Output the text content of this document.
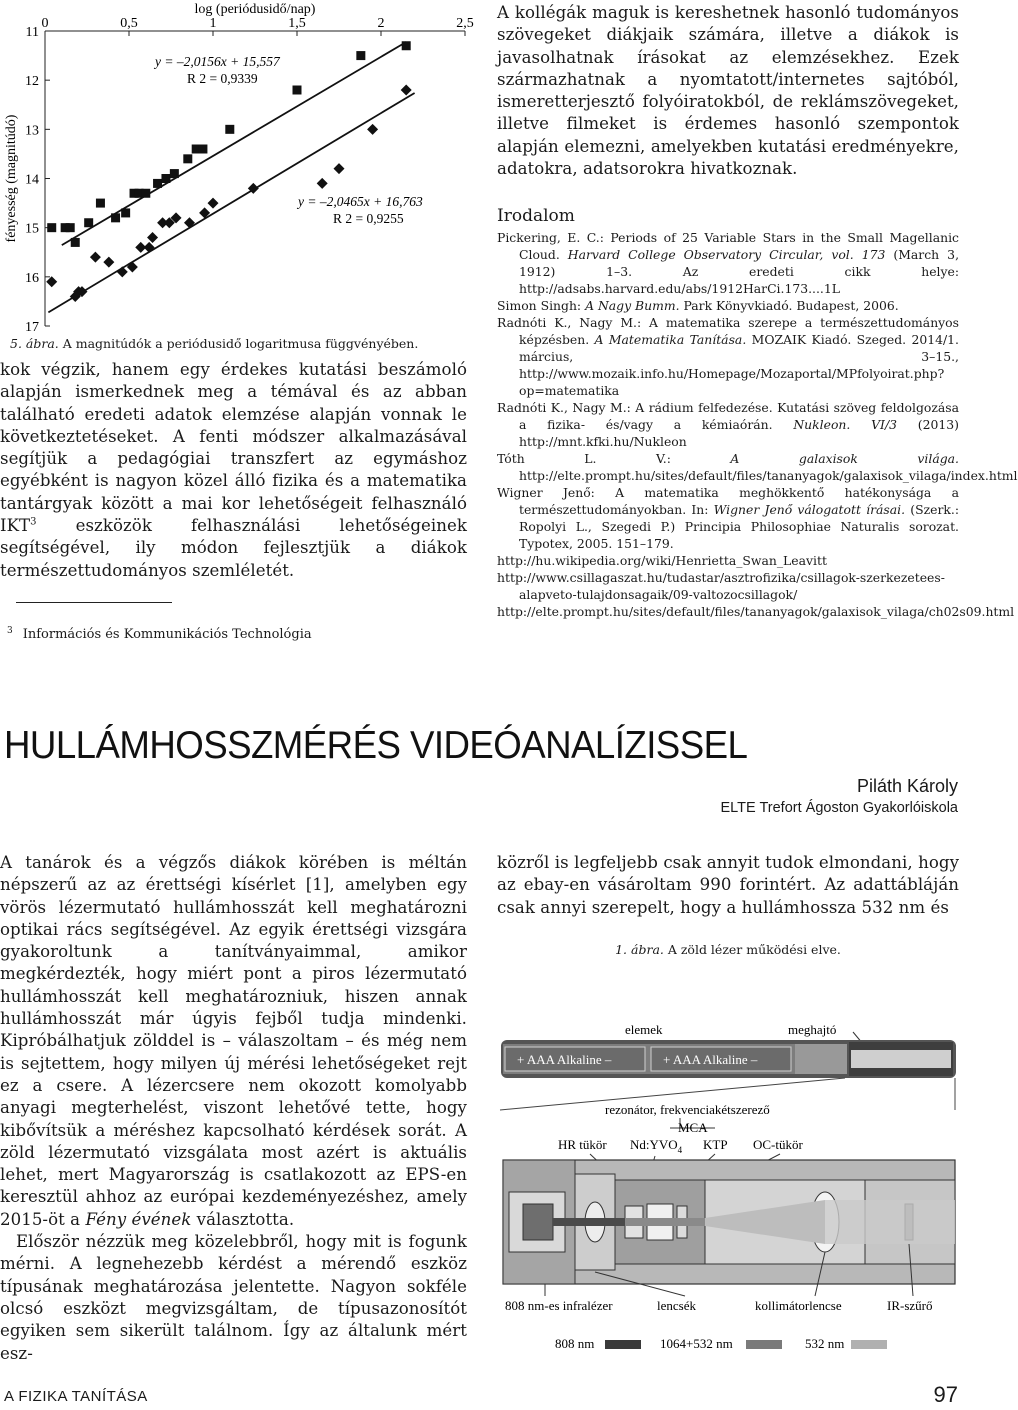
0	0,5	1	1,5	2	2,5
11
12
13
14
15
16
17
log (periódusidő/nap)
fényesség (magnitúdó)
y = –2,0156x + 15,557
R 2 = 0,9339
y = –2,0465x + 16,763
R 2 = 0,9255
5. ábra. A magnitúdók a periódusidő logaritmusa függvényében.

kok végzik, hanem egy érdekes kutatási beszámoló alapján ismerkednek meg a témával és az abban található eredeti adatok elemzése alapján vonnak le következtetéseket. A fenti módszer alkalmazásával segítjük a pedagógiai transzfert az egymáshoz egyébként is nagyon közel álló fizika és a matematika tantárgyak között a mai kor lehetőségeit felhasználó IKT$^3$ eszközök felhasználási lehetőségeinek segítségével, ily módon fejlesztjük a diákok természettudományos szemléletét.

$^3$ Információs és Kommunikációs Technológia

A kollégák maguk is kereshetnek hasonló tudományos szövegeket diákjaik számára, illetve a diákok is javasolhatnak írásokat az elemzésekhez. Ezek származhatnak a nyomtatott/internetes sajtóból, ismeretterjesztő folyóiratokból, de reklámszövegeket, illetve filmeket is érdemes hasonló szempontok alapján elemezni, amelyekben kutatási eredményekre, adatokra, adatsorokra hivatkoznak.

Irodalom

Pickering, E. C.: Periods of 25 Variable Stars in the Small Magellanic Cloud. Harvard College Observatory Circular, vol. 173 (March 3, 1912) 1–3. Az eredeti cikk helye: http://adsabs.harvard.edu/abs/1912HarCi.173....1L

Simon Singh: A Nagy Bumm. Park Könyvkiadó. Budapest, 2006.

Radnóti K., Nagy M.: A matematika szerepe a természettudományos képzésben. A Matematika Tanítása. MOZAIK Kiadó. Szeged. 2014/1. március, 3–15., http://www.mozaik.info.hu/Homepage/Mozaportal/MPfolyoirat.php?op=matematika

Radnóti K., Nagy M.: A rádium felfedezése. Kutatási szöveg feldolgozása a fizika- és/vagy a kémiaórán. Nukleon. VI/3 (2013) http://mnt.kfki.hu/Nukleon

Tóth L. V.:	A galaxisok világa. http://elte.prompt.hu/sites/default/files/tananyagok/galaxisok_vilaga/index.html

Wigner Jenő: A matematika meghökkentő hatékonysága a természettudományokban. In: Wigner Jenő válogatott írásai. (Szerk.: Ropolyi L., Szegedi P.) Principia Philosophiae Naturalis sorozat. Typotex, 2005. 151–179.

http://hu.wikipedia.org/wiki/Henrietta_Swan_Leavitt

http://www.csillagaszat.hu/tudastar/asztrofizika/csillagok-szerkezetees-alapveto-tulajdonsagaik/09-valtozocsillagok/

http://elte.prompt.hu/sites/default/files/tananyagok/galaxisok_vilaga/ch02s09.html

HULLÁMHOSSZMÉRÉS VIDEÓANALÍZISSEL
Piláth Károly
ELTE Trefort Ágoston Gyakorlóiskola

A tanárok és a végzős diákok körében is méltán népszerű az az érettségi kísérlet [1], amelyben egy vörös lézermutató hullámhosszát kell meghatározni optikai rács segítségével. Az egyik érettségi vizsgára gyakoroltunk a tanítványaimmal, amikor megkérdezték, hogy miért pont a piros lézermutató hullámhosszát kell meghatározniuk, hiszen annak hullámhosszát már úgyis fejből tudja mindenki. Kipróbálhatjuk zölddel is – válaszoltam – és még nem is sejtettem, hogy milyen új mérési lehetőségeket rejt ez a csere. A lézercsere nem okozott komolyabb anyagi megterhelést, viszont lehetővé tette, hogy kibővítsük a méréshez kapcsolható kérdések sorát. A zöld lézermutató vizsgálata most azért is aktuális lehet, mert Magyarország is csatlakozott az EPS-en keresztül ahhoz az európai kezdeményezéshez, amely 2015-öt a Fény évének választotta.

Először nézzük meg közelebbről, hogy mit is fogunk mérni. A legnehezebb kérdést a mérendő eszköz típusának meghatározása jelentette. Nagyon sokféle olcsó eszközt megvizsgáltam, de típusazonosítót egyiken sem sikerült találnom. Így az általunk mért esz-

közről is legfeljebb csak annyit tudok elmondani, hogy az ebay-en vásároltam 990 forintért. Az adattábláján csak annyi szerepelt, hogy a hullámhossza 532 nm és

1. ábra. A zöld lézer működési elve.
elemek	meghajtó
+ AAA Alkaline –	+ AAA Alkaline –
rezonátor, frekvenciakétszerező
MCA
HR tükör $Nd:YVO_4$ KTP OC-tükör
808 nm-es infralézer	lencsék	kollimátorlencse	IR-szűrő
808 nm	1064+532 nm	532 nm
A FIZIKA TANÍTÁSA	97
